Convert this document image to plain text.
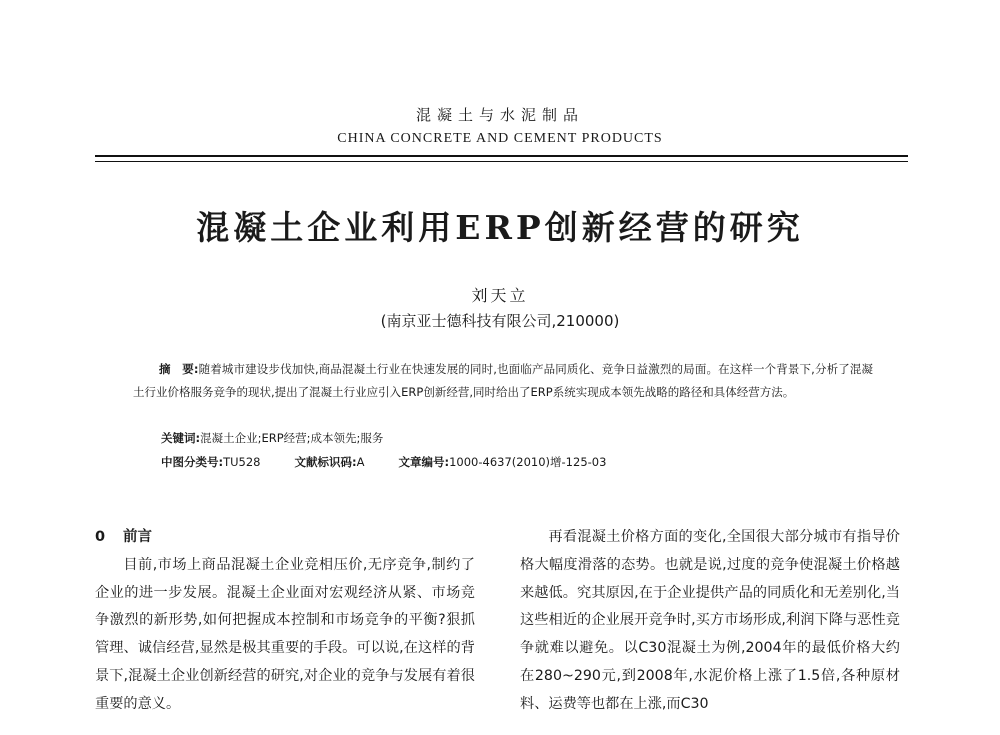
混凝土与水泥制品
CHINA CONCRETE AND CEMENT PRODUCTS
混凝土企业利用ERP创新经营的研究
刘天立
(南京亚士德科技有限公司,210000)
摘　要:随着城市建设步伐加快,商品混凝土行业在快速发展的同时,也面临产品同质化、竞争日益激烈的局面。在这样一个背景下,分析了混凝土行业价格服务竞争的现状,提出了混凝土行业应引入ERP创新经营,同时给出了ERP系统实现成本领先战略的路径和具体经营方法。
关键词:混凝土企业;ERP经营;成本领先;服务
中图分类号:TU528	文献标识码:A	文章编号:1000-4637(2010)增-125-03

0 前言

目前,市场上商品混凝土企业竞相压价,无序竞争,制约了企业的进一步发展。混凝土企业面对宏观经济从紧、市场竞争激烈的新形势,如何把握成本控制和市场竞争的平衡?狠抓管理、诚信经营,显然是极其重要的手段。可以说,在这样的背景下,混凝土企业创新经营的研究,对企业的竞争与发展有着很重要的意义。

再看混凝土价格方面的变化,全国很大部分城市有指导价格大幅度滑落的态势。也就是说,过度的竞争使混凝土价格越来越低。究其原因,在于企业提供产品的同质化和无差别化,当这些相近的企业展开竞争时,买方市场形成,利润下降与恶性竞争就难以避免。以C30混凝土为例,2004年的最低价格大约在280~290元,到2008年,水泥价格上涨了1.5倍,各种原材料、运费等也都在上涨,而C30
